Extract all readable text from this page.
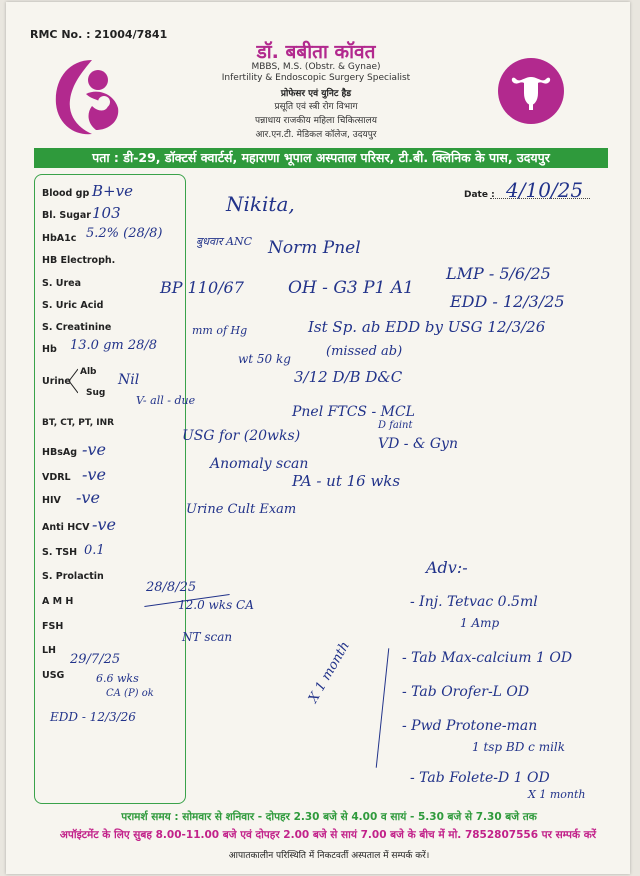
RMC No. : 21004/7841
डॉ. बबीता कॉवत
MBBS, M.S. (Obstr. & Gynae)
Infertility & Endoscopic Surgery Specialist
प्रोफेसर एवं युनिट हैड
प्रसूति एवं स्त्री रोग विभाग
पन्नाधाय राजकीय महिला चिकित्सालय
आर.एन.टी. मेडिकल कॉलेज, उदयपुर
पता : डी-29, डॉक्टर्स क्वार्टर्स, महाराणा भूपाल अस्पताल परिसर, टी.बी. क्लिनिक के पास, उदयपुर
Date : 4/10/25
Blood gp
Bl. Sugar
HbA1c
HB Electroph.
S. Urea
S. Uric Acid
S. Creatinine
Hb
Urine
Alb
Sug
BT, CT, PT, INR
HBsAg
VDRL
HIV
Anti HCV
S. TSH
S. Prolactin
A M H
FSH
LH
USG
B+ve
103
5.2% (28/8)
13.0 gm 28/8
Nil
V- all - due
-ve
-ve
-ve
-ve
0.1
29/7/25
6.6 wks
CA (P) ok
EDD - 12/3/26
Nikita,
बुधवार ANC Norm Pnel
BP 110/67	OH - G3 P1 A1
LMP - 5/6/25
EDD - 12/3/25
mm of Hg
wt 50 kg
Ist Sp. ab EDD by USG 12/3/26
(missed ab)
3/12 D/B D&C
Pnel FTCS - MCL
D faint
VD - & Gyn
USG for (20wks)
Anomaly scan
Urine Cult Exam
PA - ut 16 wks
28/8/25
12.0 wks CA
NT scan
Adv:-
- Inj. Tetvac 0.5ml
1 Amp
- Tab Max-calcium 1 OD
- Tab Orofer-L OD
- Pwd Protone-man
1 tsp BD c milk
- Tab Folete-D 1 OD
X 1 month
X 1 month
परामर्श समय : सोमवार से शनिवार - दोपहर 2.30 बजे से 4.00 व सायं - 5.30 बजे से 7.30 बजे तक
अपॉइंटमेंट के लिए सुबह 8.00-11.00 बजे एवं दोपहर 2.00 बजे से सायं 7.00 बजे के बीच में मो. 7852807556 पर सम्पर्क करें
आपातकालीन परिस्थिति में निकटवर्ती अस्पताल में सम्पर्क करें।
